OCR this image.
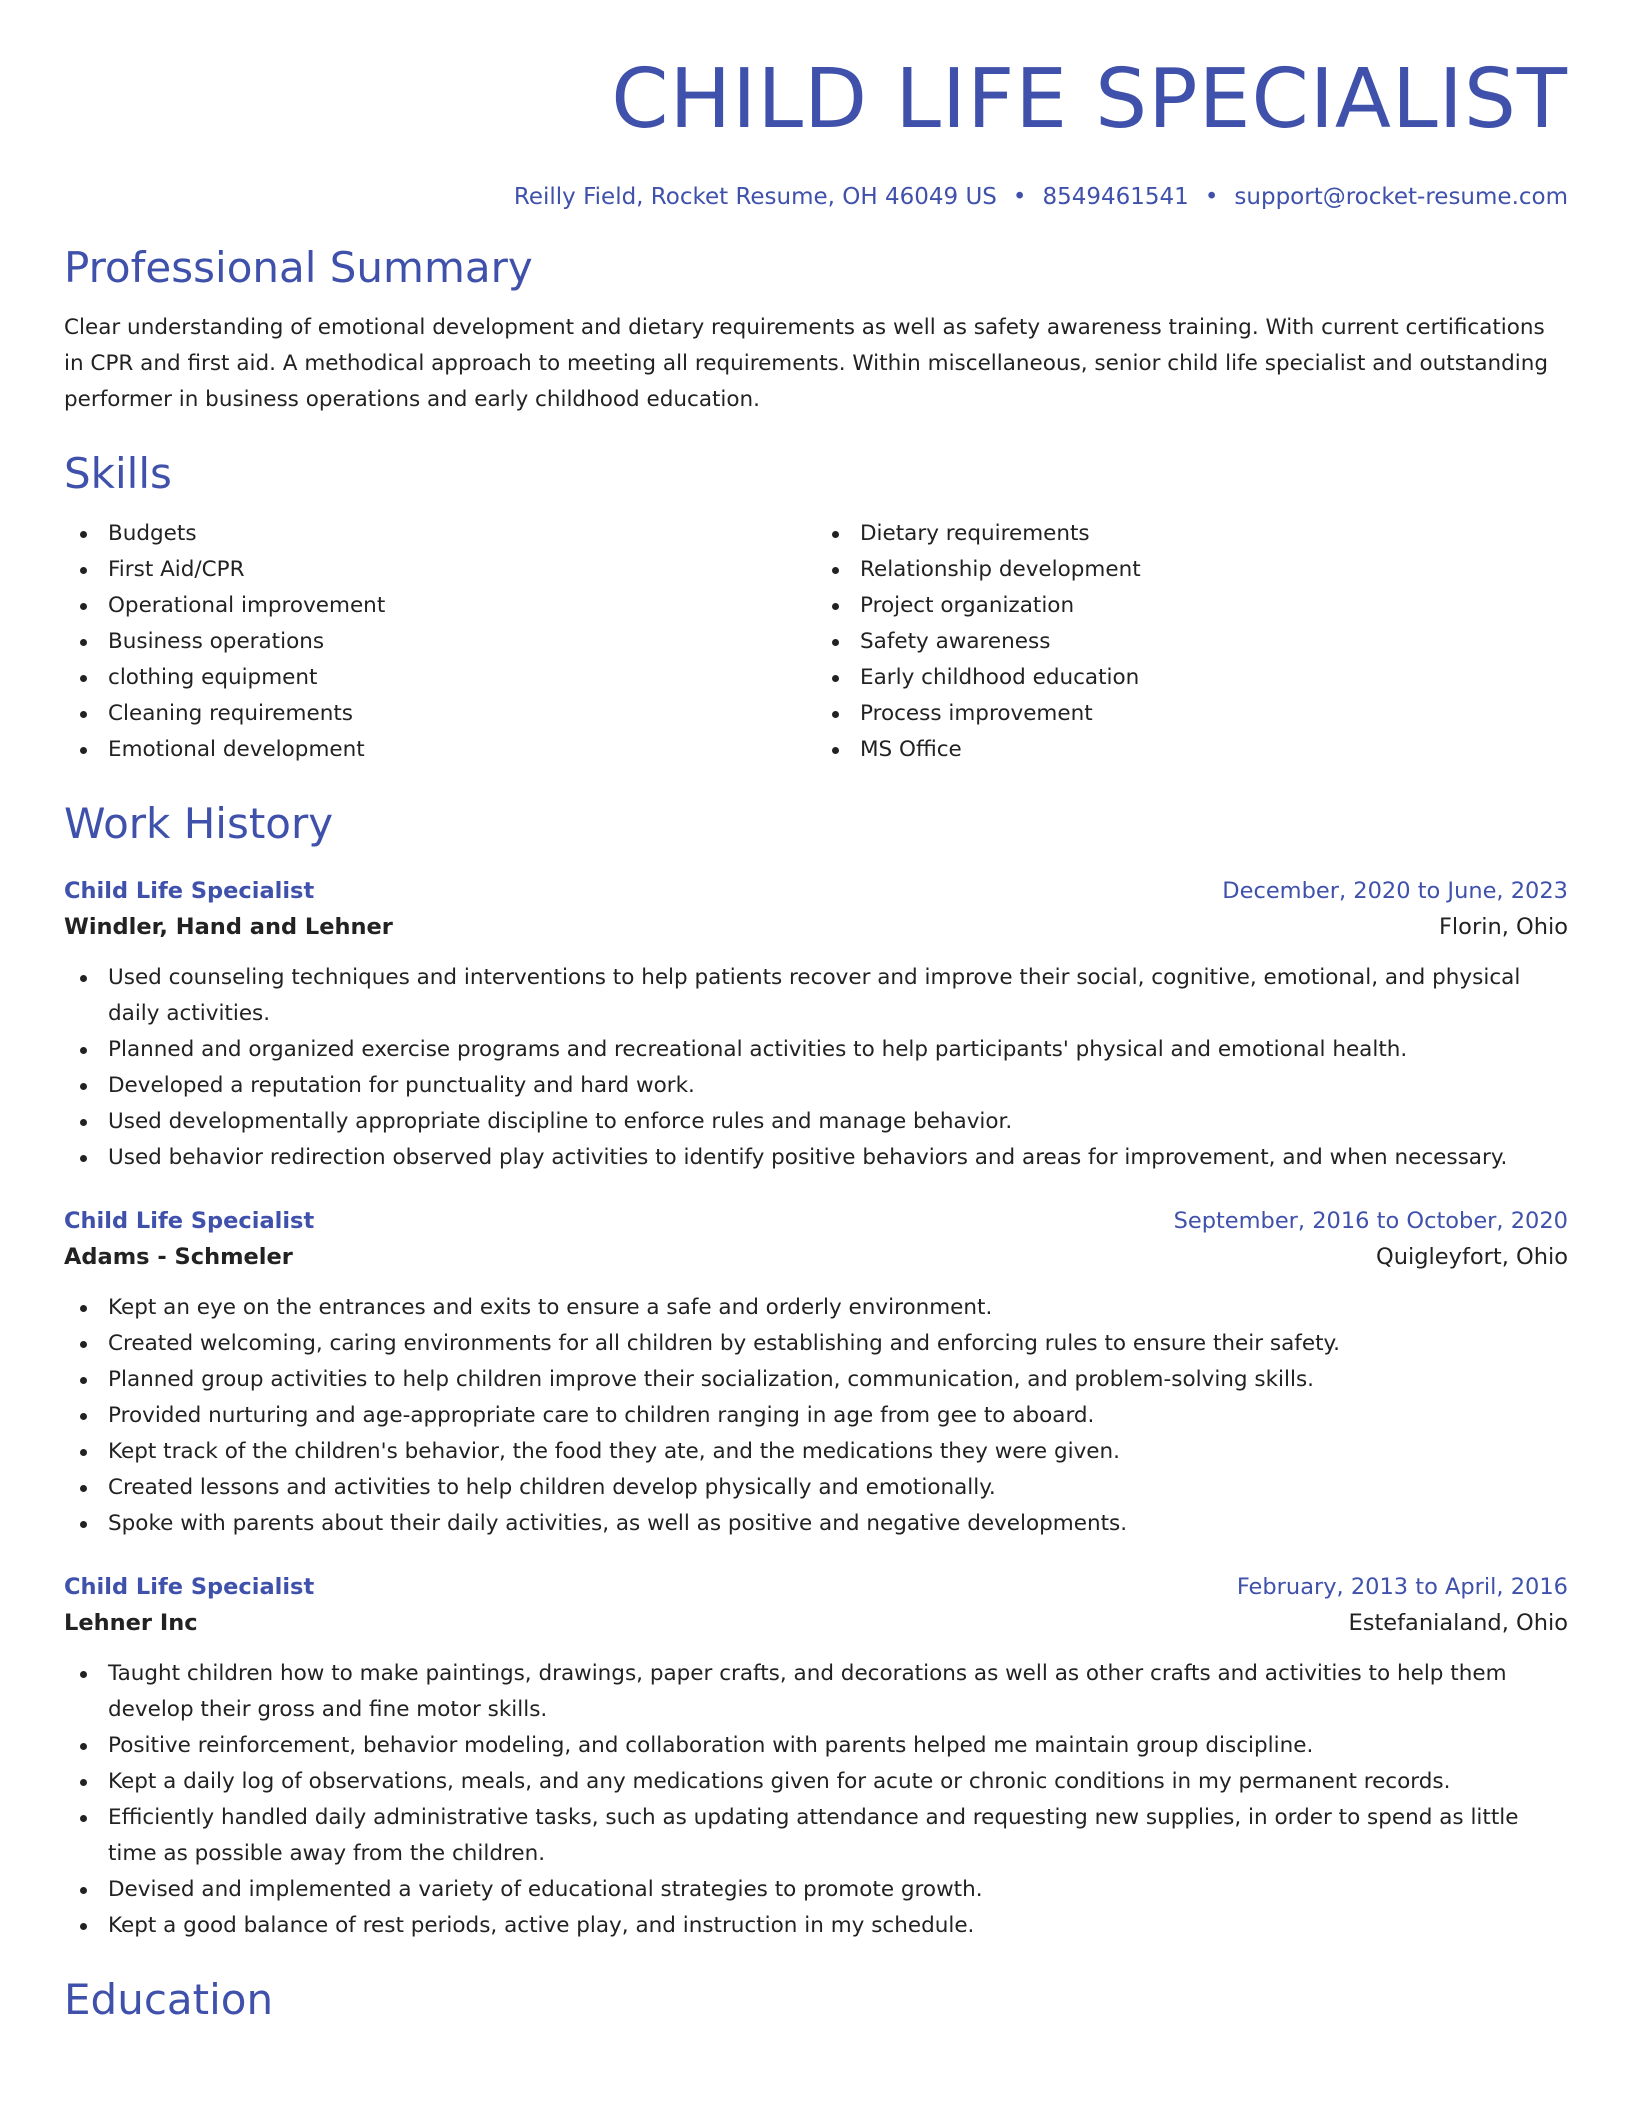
CHILD LIFE SPECIALIST
Reilly Field, Rocket Resume, OH 46049 US • 8549461541 • support@rocket-resume.com
Professional Summary
Clear understanding of emotional development and dietary requirements as well as safety awareness training. With current certifications in CPR and first aid. A methodical approach to meeting all requirements. Within miscellaneous, senior child life specialist and outstanding performer in business operations and early childhood education.
Skills
Budgets
First Aid/CPR
Operational improvement
Business operations
clothing equipment
Cleaning requirements
Emotional development
Dietary requirements
Relationship development
Project organization
Safety awareness
Early childhood education
Process improvement
MS Office
Work History
Child Life Specialist	December, 2020 to June, 2023
Windler, Hand and Lehner	Florin, Ohio
Used counseling techniques and interventions to help patients recover and improve their social, cognitive, emotional, and physical daily activities.
Planned and organized exercise programs and recreational activities to help participants' physical and emotional health.
Developed a reputation for punctuality and hard work.
Used developmentally appropriate discipline to enforce rules and manage behavior.
Used behavior redirection observed play activities to identify positive behaviors and areas for improvement, and when necessary.
Child Life Specialist	September, 2016 to October, 2020
Adams - Schmeler	Quigleyfort, Ohio
Kept an eye on the entrances and exits to ensure a safe and orderly environment.
Created welcoming, caring environments for all children by establishing and enforcing rules to ensure their safety.
Planned group activities to help children improve their socialization, communication, and problem-solving skills.
Provided nurturing and age-appropriate care to children ranging in age from gee to aboard.
Kept track of the children's behavior, the food they ate, and the medications they were given.
Created lessons and activities to help children develop physically and emotionally.
Spoke with parents about their daily activities, as well as positive and negative developments.
Child Life Specialist	February, 2013 to April, 2016
Lehner Inc	Estefanialand, Ohio
Taught children how to make paintings, drawings, paper crafts, and decorations as well as other crafts and activities to help them develop their gross and fine motor skills.
Positive reinforcement, behavior modeling, and collaboration with parents helped me maintain group discipline.
Kept a daily log of observations, meals, and any medications given for acute or chronic conditions in my permanent records.
Efficiently handled daily administrative tasks, such as updating attendance and requesting new supplies, in order to spend as little time as possible away from the children.
Devised and implemented a variety of educational strategies to promote growth.
Kept a good balance of rest periods, active play, and instruction in my schedule.
Education
